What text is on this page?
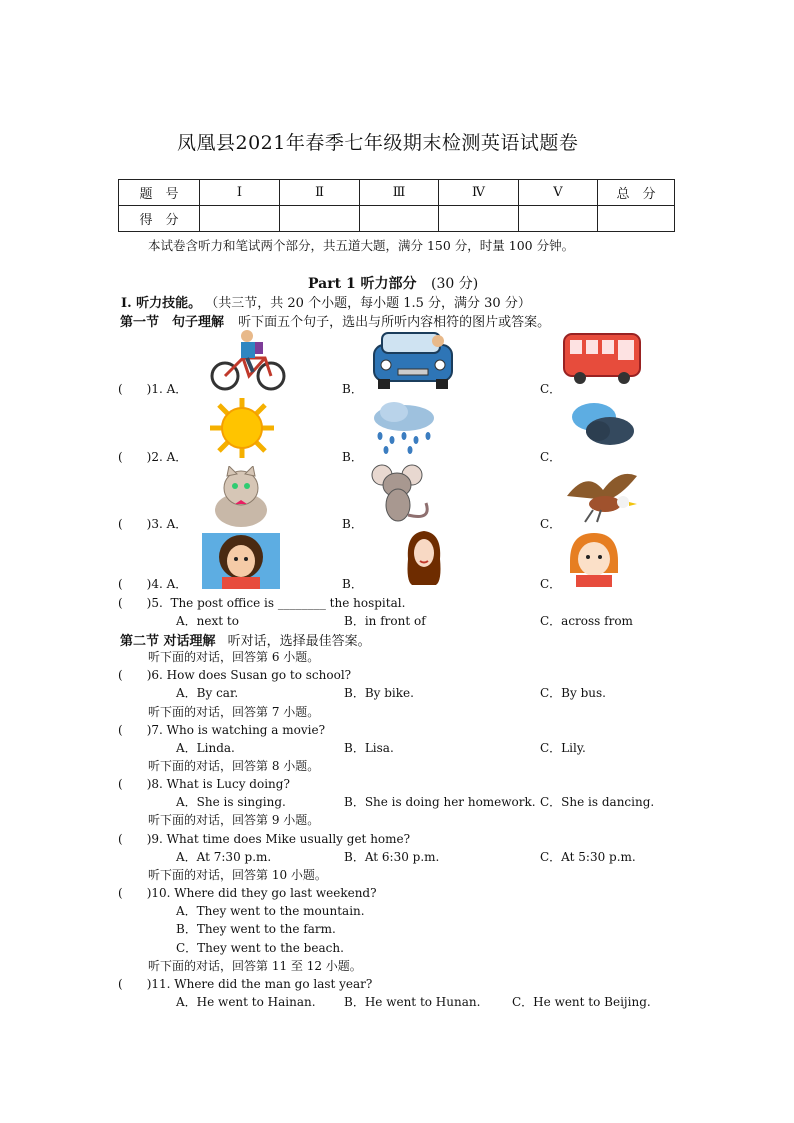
凤凰县2021年春季七年级期末检测英语试题卷
题　号	Ⅰ	Ⅱ	Ⅲ	Ⅳ	Ⅴ	总　分
得　分						
本试卷含听力和笔试两个部分，共五道大题，满分 150 分，时量 100 分钟。
Part 1 听力部分 (30 分)
Ⅰ. 听力技能。 （共三节，共 20 个小题，每小题 1.5 分，满分 30 分）
第一节　句子理解 听下面五个句子，选出与所听内容相符的图片或答案。
(　　)1. A．	B．	C．
(　　)2. A．	B．	C．
(　　)3. A．	B．	C．
(　　)4. A．	B．	C．
(　　)5.  The post office is ________ the hospital.
A．next to	B．in front of	C．across from
第二节 对话理解 听对话，选择最佳答案。
听下面的对话，回答第 6 小题。
(　　)6. How does Susan go to school?
A．By car.	B．By bike.	C．By bus.
听下面的对话，回答第 7 小题。
(　　)7. Who is watching a movie?
A．Linda.	B．Lisa.	C．Lily.
听下面的对话，回答第 8 小题。
(　　)8. What is Lucy doing?
A．She is singing.	B．She is doing her homework. C．She is dancing.
听下面的对话，回答第 9 小题。
(　　)9. What time does Mike usually get home?
A．At 7:30 p.m.	B．At 6:30 p.m.	C．At 5:30 p.m.
听下面的对话，回答第 10 小题。
(　　)10. Where did they go last weekend?
A．They went to the mountain.
B．They went to the farm.
C．They went to the beach.
听下面的对话，回答第 11 至 12 小题。
(　　)11. Where did the man go last year?
A．He went to Hainan. B．He went to Hunan.	C．He went to Beijing.
